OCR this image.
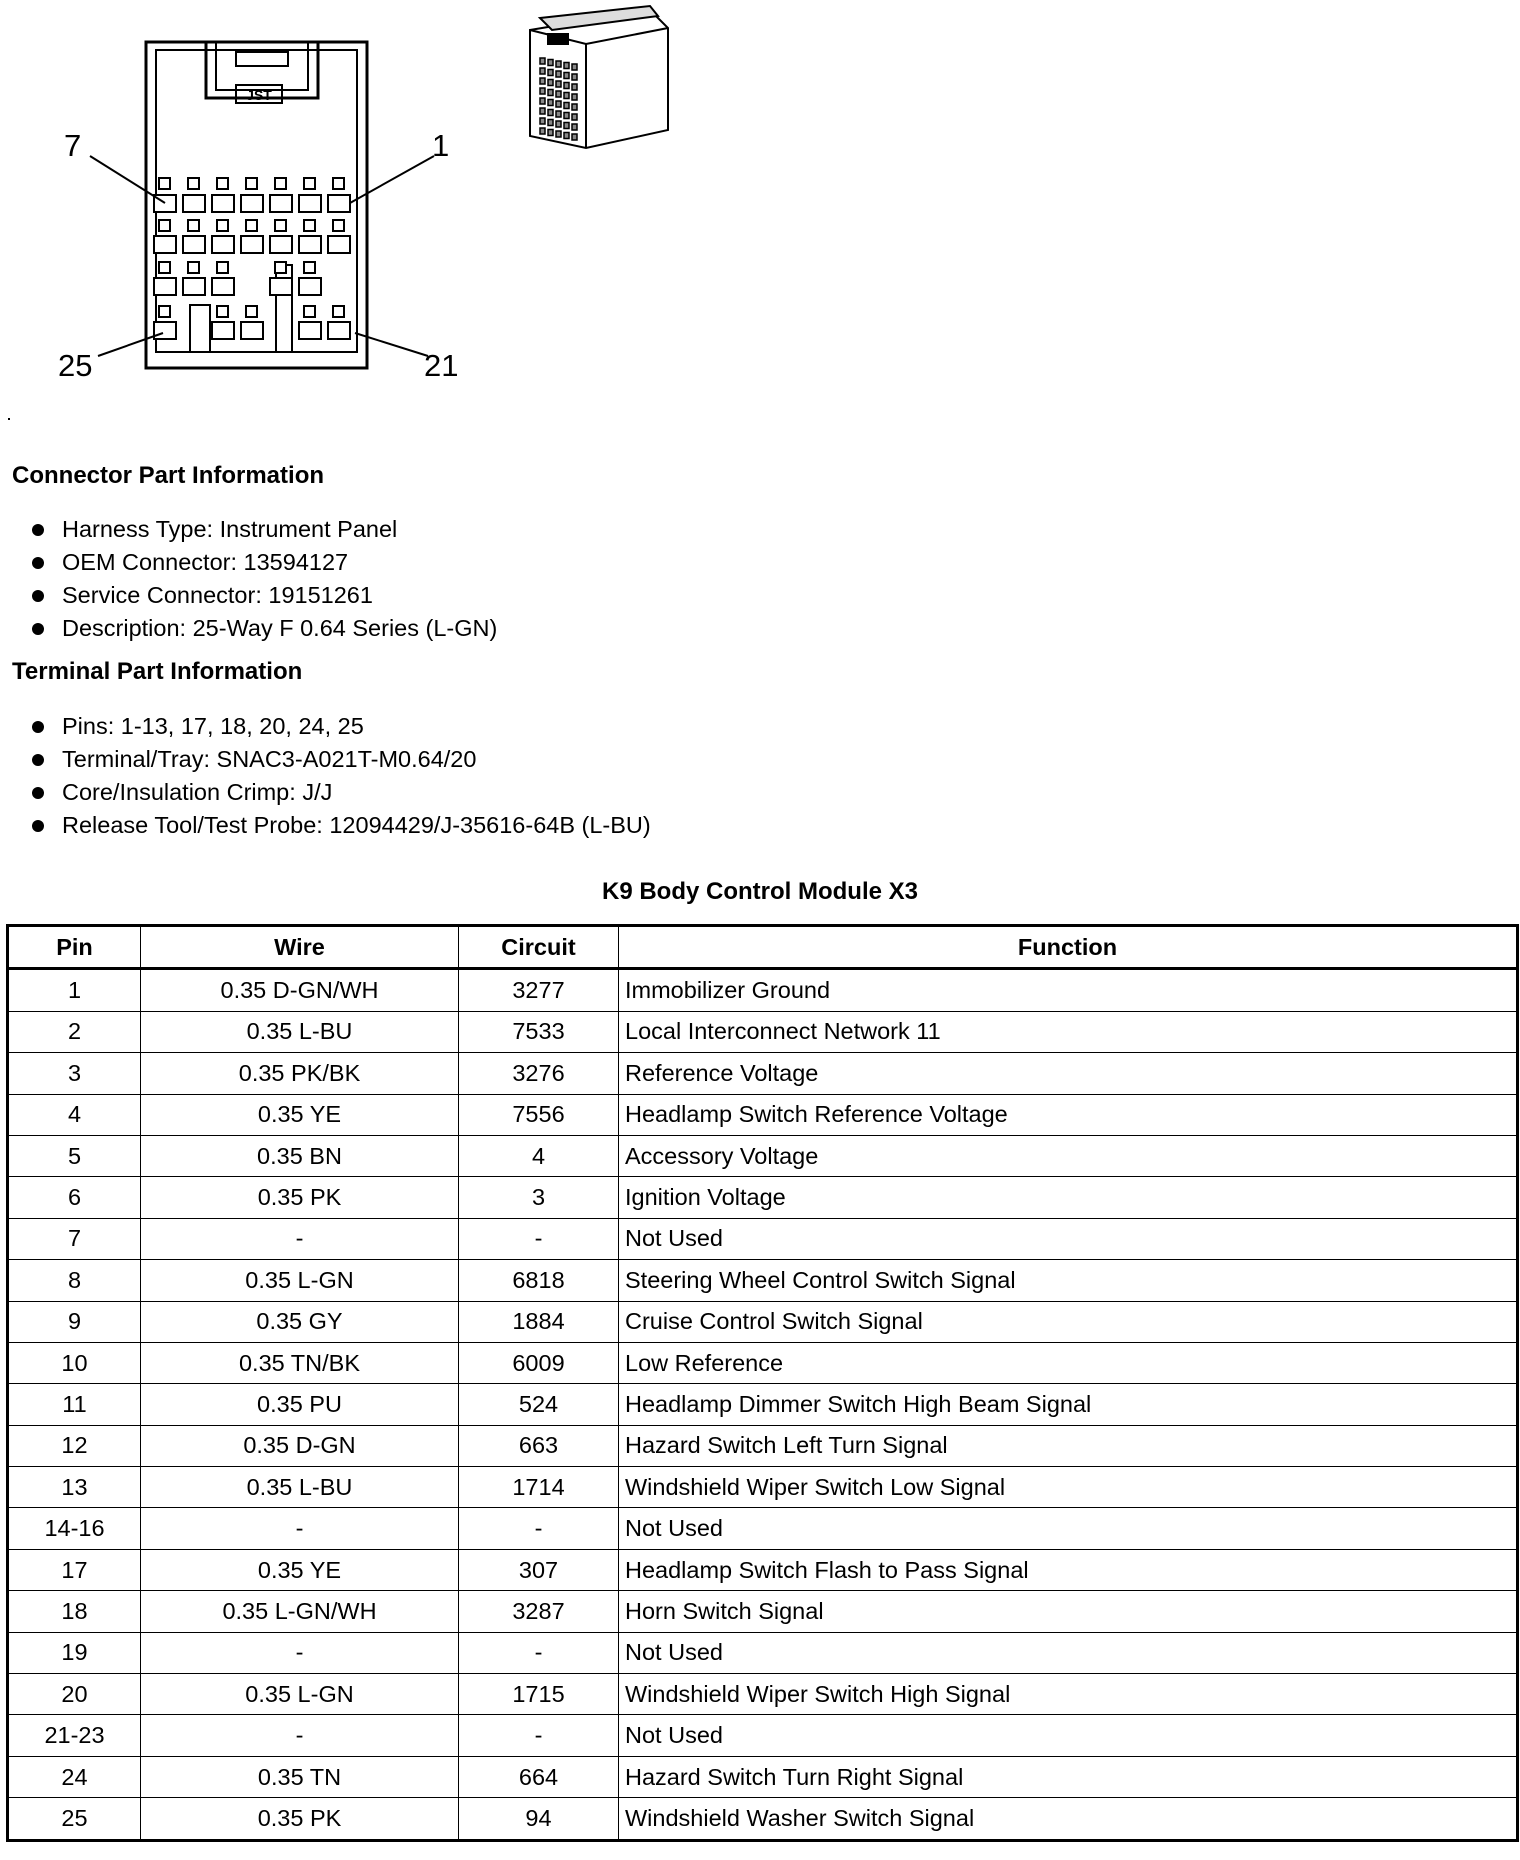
JST
7	1
25	21
Connector Part Information
Harness Type: Instrument Panel
OEM Connector: 13594127
Service Connector: 19151261
Description: 25-Way F 0.64 Series (L-GN)
Terminal Part Information
Pins: 1-13, 17, 18, 20, 24, 25
Terminal/Tray: SNAC3-A021T-M0.64/20
Core/Insulation Crimp: J/J
Release Tool/Test Probe: 12094429/J-35616-64B (L-BU)
K9 Body Control Module X3
Pin	Wire	Circuit	Function
1	0.35 D-GN/WH	3277	Immobilizer Ground
2	0.35 L-BU	7533	Local Interconnect Network 11
3	0.35 PK/BK	3276	Reference Voltage
4	0.35 YE	7556	Headlamp Switch Reference Voltage
5	0.35 BN	4	Accessory Voltage
6	0.35 PK	3	Ignition Voltage
7	-	-	Not Used
8	0.35 L-GN	6818	Steering Wheel Control Switch Signal
9	0.35 GY	1884	Cruise Control Switch Signal
10	0.35 TN/BK	6009	Low Reference
11	0.35 PU	524	Headlamp Dimmer Switch High Beam Signal
12	0.35 D-GN	663	Hazard Switch Left Turn Signal
13	0.35 L-BU	1714	Windshield Wiper Switch Low Signal
14-16	-	-	Not Used
17	0.35 YE	307	Headlamp Switch Flash to Pass Signal
18	0.35 L-GN/WH	3287	Horn Switch Signal
19	-	-	Not Used
20	0.35 L-GN	1715	Windshield Wiper Switch High Signal
21-23	-	-	Not Used
24	0.35 TN	664	Hazard Switch Turn Right Signal
25	0.35 PK	94	Windshield Washer Switch Signal
